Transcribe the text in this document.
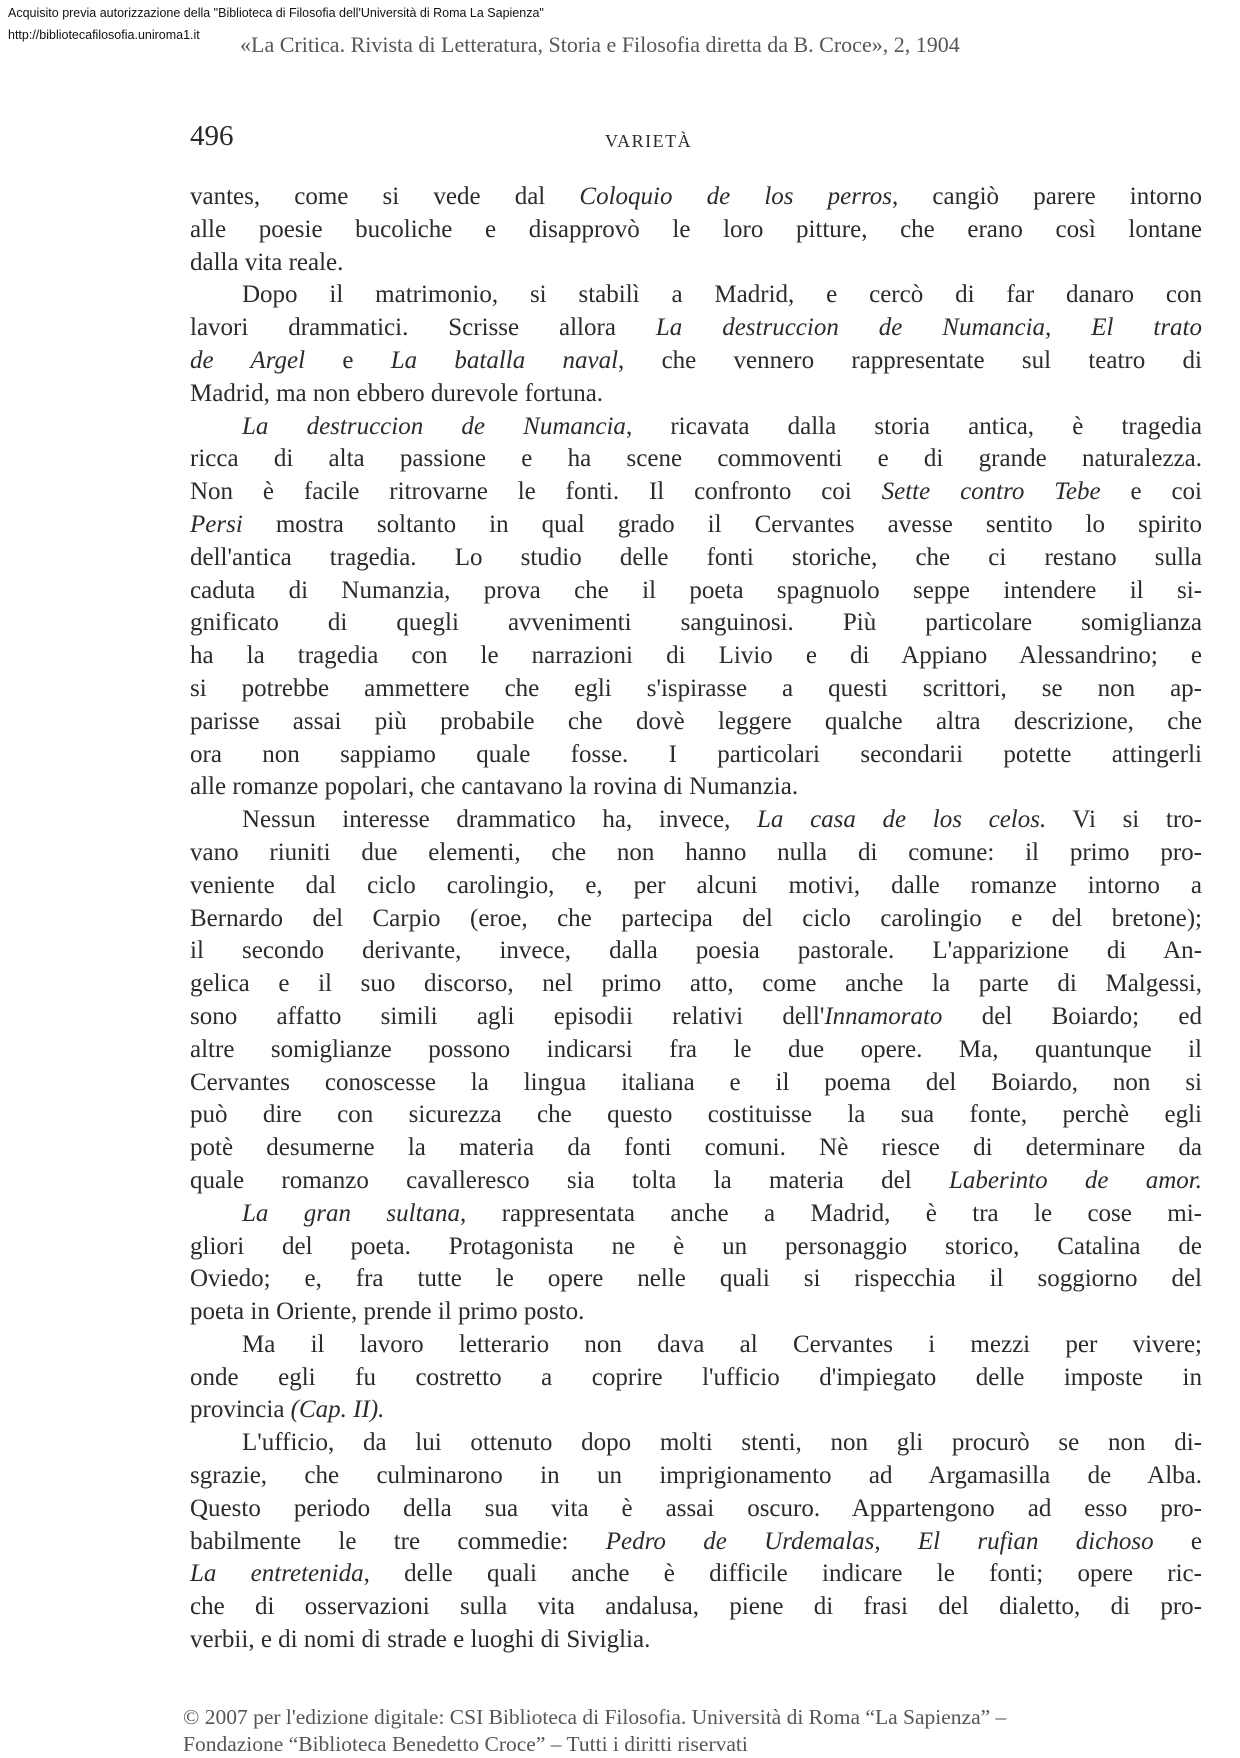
Acquisito previa autorizzazione della "Biblioteca di Filosofia dell'Università di Roma La Sapienza"

http://bibliotecafilosofia.uniroma1.it «La Critica. Rivista di Letteratura, Storia e Filosofia diretta da B. Croce», 2, 1904

496	VARIETÀ
vantes, come si vede dal Coloquio de los perros, cangiò parere intorno
alle poesie bucoliche e disapprovò le loro pitture, che erano così lontane
dalla vita reale.
Dopo il matrimonio, si stabilì a Madrid, e cercò di far danaro con
lavori drammatici. Scrisse allora La destruccion de Numancia, El trato
de Argel e La batalla naval, che vennero rappresentate sul teatro di
Madrid, ma non ebbero durevole fortuna.
La destruccion de Numancia, ricavata dalla storia antica, è tragedia
ricca di alta passione e ha scene commoventi e di grande naturalezza.
Non è facile ritrovarne le fonti. Il confronto coi Sette contro Tebe e coi
Persi mostra soltanto in qual grado il Cervantes avesse sentito lo spirito
dell'antica tragedia. Lo studio delle fonti storiche, che ci restano sulla
caduta di Numanzia, prova che il poeta spagnuolo seppe intendere il si-
gnificato di quegli avvenimenti sanguinosi. Più particolare somiglianza
ha la tragedia con le narrazioni di Livio e di Appiano Alessandrino; e
si potrebbe ammettere che egli s'ispirasse a questi scrittori, se non ap-
parisse assai più probabile che dovè leggere qualche altra descrizione, che
ora non sappiamo quale fosse. I particolari secondarii potette attingerli
alle romanze popolari, che cantavano la rovina di Numanzia.
Nessun interesse drammatico ha, invece, La casa de los celos. Vi si tro-
vano riuniti due elementi, che non hanno nulla di comune: il primo pro-
veniente dal ciclo carolingio, e, per alcuni motivi, dalle romanze intorno a
Bernardo del Carpio (eroe, che partecipa del ciclo carolingio e del bretone);
il secondo derivante, invece, dalla poesia pastorale. L'apparizione di An-
gelica e il suo discorso, nel primo atto, come anche la parte di Malgessi,
sono affatto simili agli episodii relativi dell'Innamorato del Boiardo; ed
altre somiglianze possono indicarsi fra le due opere. Ma, quantunque il
Cervantes conoscesse la lingua italiana e il poema del Boiardo, non si
può dire con sicurezza che questo costituisse la sua fonte, perchè egli
potè desumerne la materia da fonti comuni. Nè riesce di determinare da
quale romanzo cavalleresco sia tolta la materia del Laberinto de amor.
La gran sultana, rappresentata anche a Madrid, è tra le cose mi-
gliori del poeta. Protagonista ne è un personaggio storico, Catalina de
Oviedo; e, fra tutte le opere nelle quali si rispecchia il soggiorno del
poeta in Oriente, prende il primo posto.
Ma il lavoro letterario non dava al Cervantes i mezzi per vivere;
onde egli fu costretto a coprire l'ufficio d'impiegato delle imposte in
provincia (Cap. II).
L'ufficio, da lui ottenuto dopo molti stenti, non gli procurò se non di-
sgrazie, che culminarono in un imprigionamento ad Argamasilla de Alba.
Questo periodo della sua vita è assai oscuro. Appartengono ad esso pro-
babilmente le tre commedie: Pedro de Urdemalas, El rufian dichoso e
La entretenida, delle quali anche è difficile indicare le fonti; opere ric-
che di osservazioni sulla vita andalusa, piene di frasi del dialetto, di pro-
verbii, e di nomi di strade e luoghi di Siviglia.
© 2007 per l'edizione digitale: CSI Biblioteca di Filosofia. Università di Roma “La Sapienza” –
Fondazione “Biblioteca Benedetto Croce” – Tutti i diritti riservati
